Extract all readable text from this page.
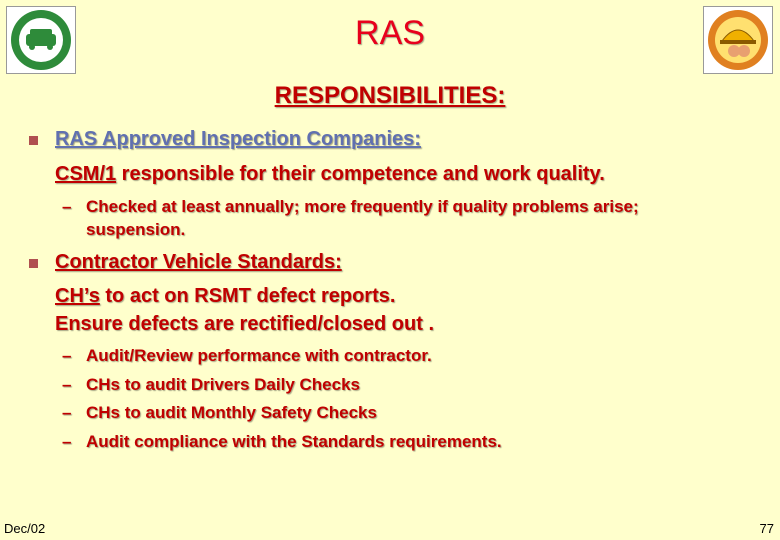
RAS
RESPONSIBILITIES:
RAS Approved Inspection Companies:
CSM/1 responsible for their competence and work quality.
– Checked at least annually; more frequently if quality problems arise;
suspension.
Contractor Vehicle Standards:
CH’s to act on RSMT defect reports.
Ensure defects are rectified/closed out .
– Audit/Review performance with contractor.
– CHs to audit Drivers Daily Checks
– CHs to audit Monthly Safety Checks
– Audit compliance with the Standards requirements.
Dec/02	77
